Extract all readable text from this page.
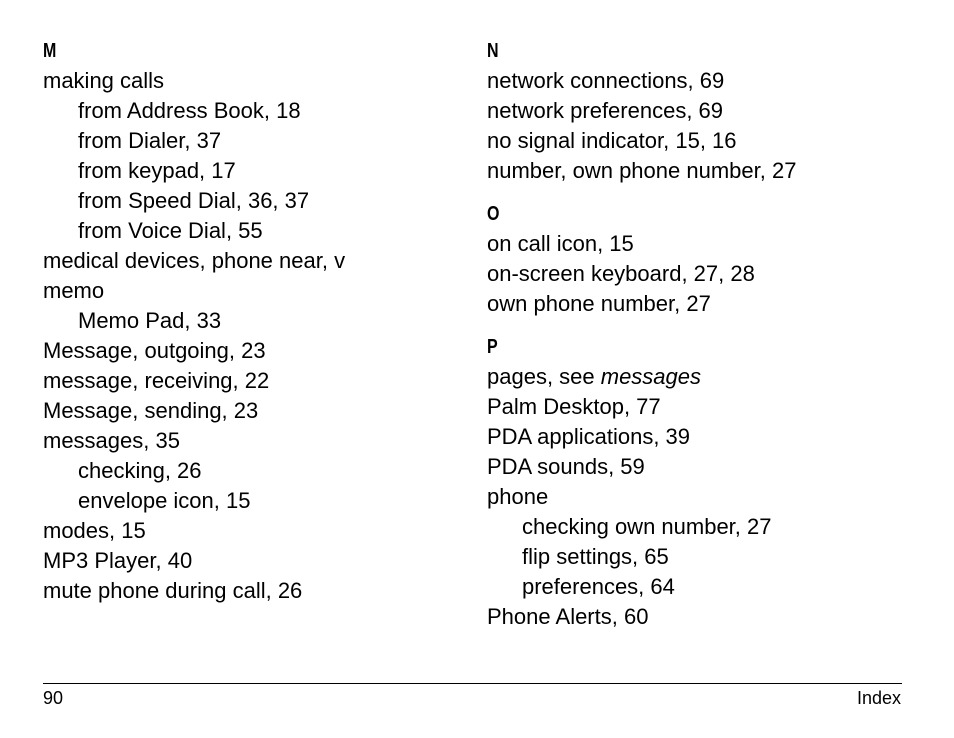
M
making calls
from Address Book, 18
from Dialer, 37
from keypad, 17
from Speed Dial, 36, 37
from Voice Dial, 55
medical devices, phone near, v
memo
Memo Pad, 33
Message, outgoing, 23
message, receiving, 22
Message, sending, 23
messages, 35
checking, 26
envelope icon, 15
modes, 15
MP3 Player, 40
mute phone during call, 26
N
network connections, 69
network preferences, 69
no signal indicator, 15, 16
number, own phone number, 27
O
on call icon, 15
on-screen keyboard, 27, 28
own phone number, 27
P
pages, see messages
Palm Desktop, 77
PDA applications, 39
PDA sounds, 59
phone
checking own number, 27
flip settings, 65
preferences, 64
Phone Alerts, 60
90	Index
